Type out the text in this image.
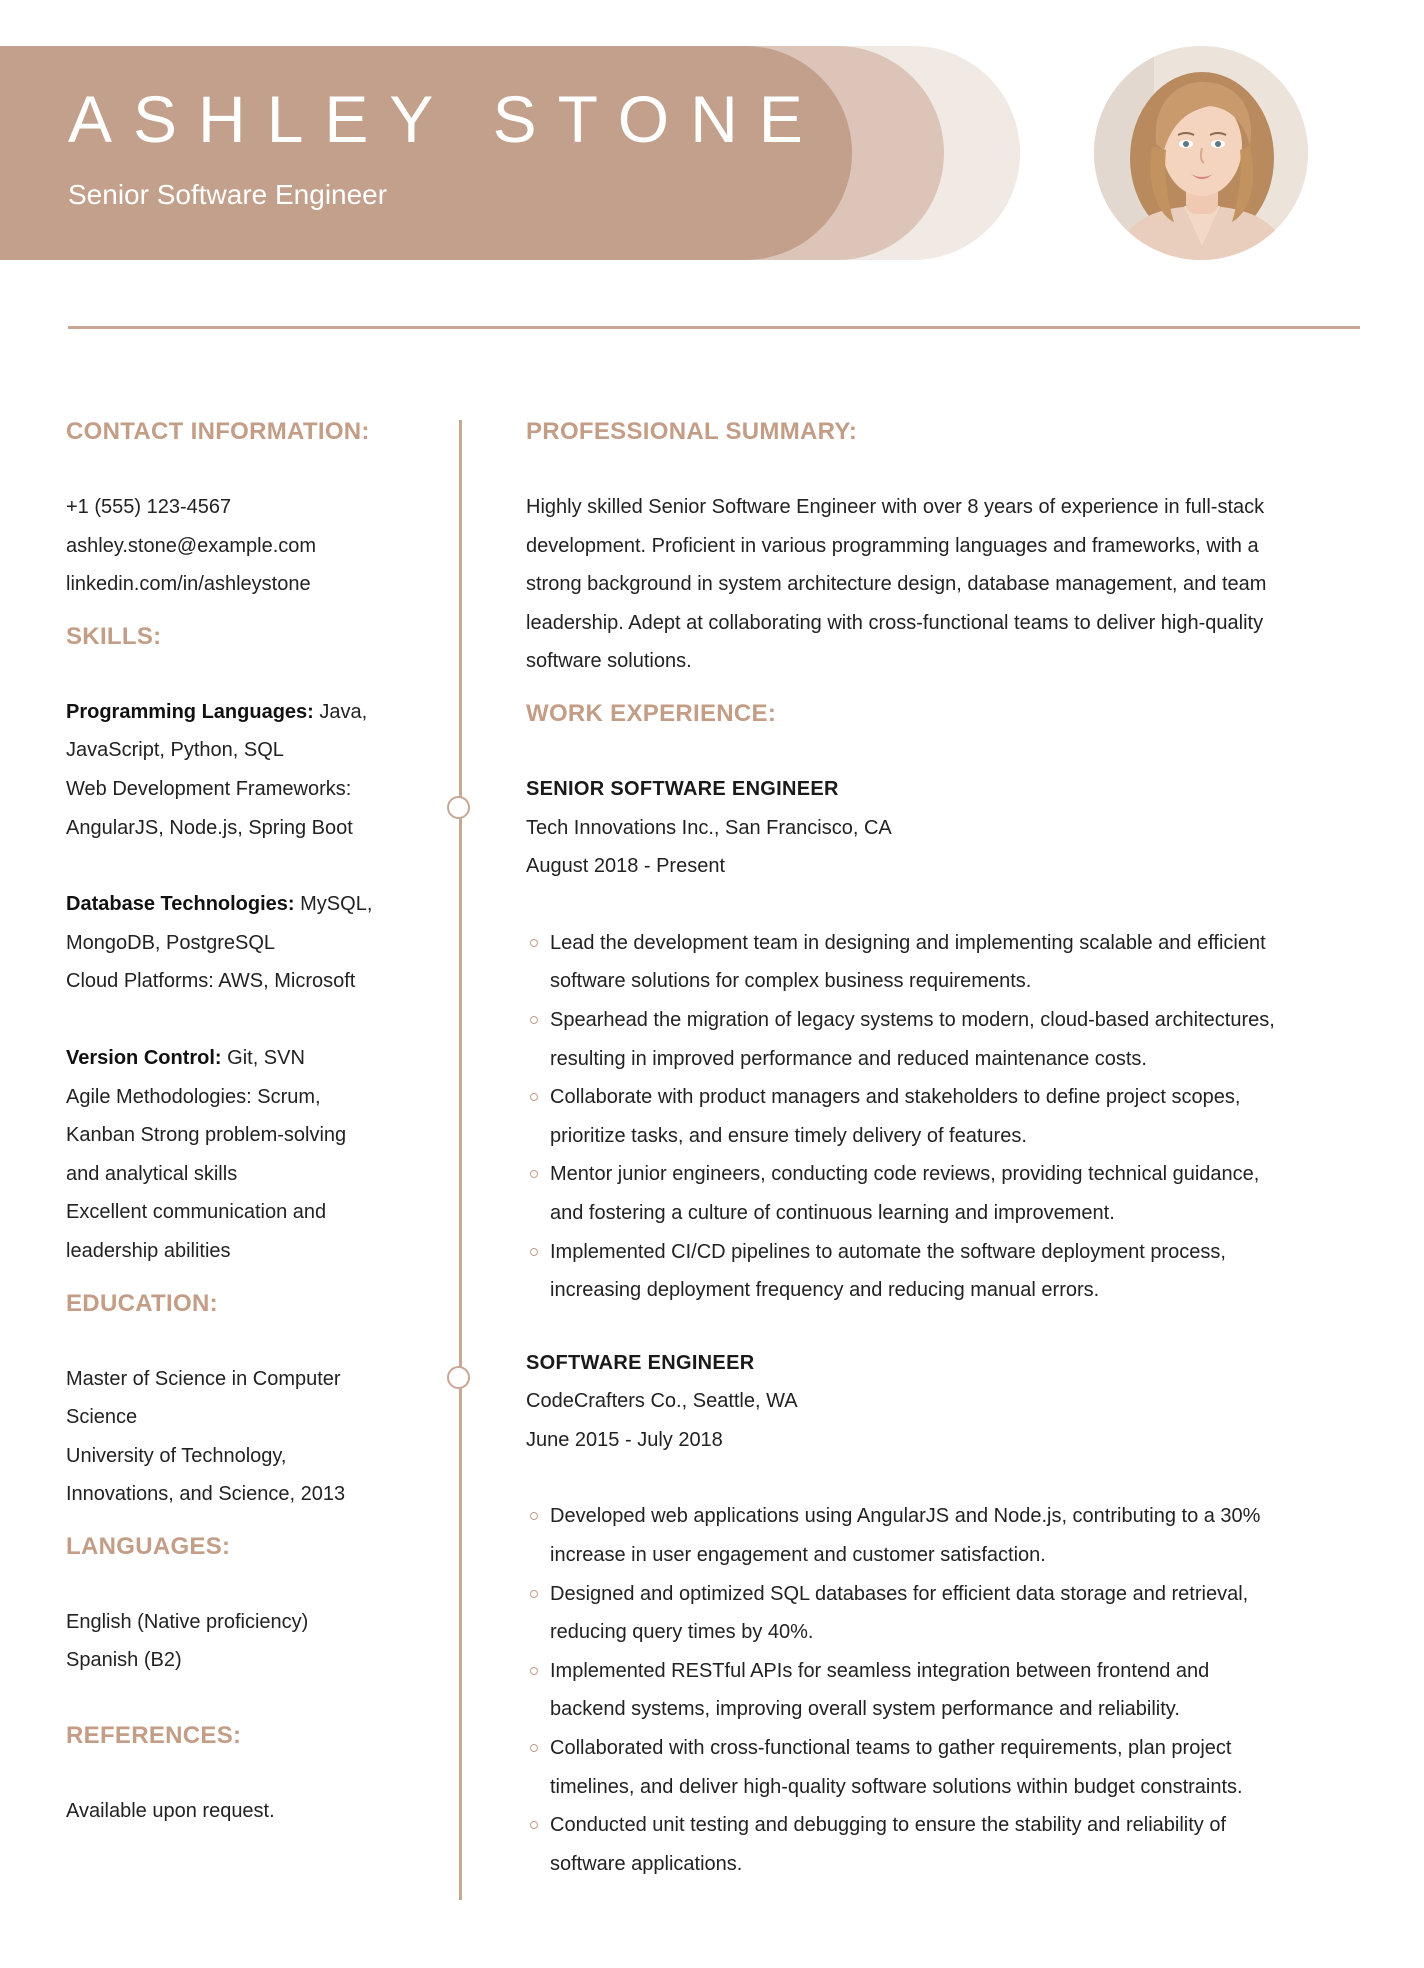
ASHLEY STONE

Senior Software Engineer

CONTACT INFORMATION:

+1 (555) 123-4567

ashley.stone@example.com

linkedin.com/in/ashleystone

SKILLS:

Programming Languages: Java,

JavaScript, Python, SQL

Web Development Frameworks:

AngularJS, Node.js, Spring Boot

Database Technologies: MySQL,

MongoDB, PostgreSQL

Cloud Platforms: AWS, Microsoft

Version Control: Git, SVN

Agile Methodologies: Scrum,

Kanban Strong problem-solving

and analytical skills

Excellent communication and

leadership abilities

EDUCATION:

Master of Science in Computer

Science

University of Technology,

Innovations, and Science, 2013

LANGUAGES:

English (Native proficiency)

Spanish (B2)

REFERENCES:

Available upon request.

PROFESSIONAL SUMMARY:

Highly skilled Senior Software Engineer with over 8 years of experience in full-stack

development. Proficient in various programming languages and frameworks, with a

strong background in system architecture design, database management, and team

leadership. Adept at collaborating with cross-functional teams to deliver high-quality

software solutions.

WORK EXPERIENCE:

SENIOR SOFTWARE ENGINEER

Tech Innovations Inc., San Francisco, CA

August 2018 - Present

Lead the development team in designing and implementing scalable and efficient
software solutions for complex business requirements.
Spearhead the migration of legacy systems to modern, cloud-based architectures,
resulting in improved performance and reduced maintenance costs.
Collaborate with product managers and stakeholders to define project scopes,
prioritize tasks, and ensure timely delivery of features.
Mentor junior engineers, conducting code reviews, providing technical guidance,
and fostering a culture of continuous learning and improvement.
Implemented CI/CD pipelines to automate the software deployment process,
increasing deployment frequency and reducing manual errors.

SOFTWARE ENGINEER

CodeCrafters Co., Seattle, WA

June 2015 - July 2018

Developed web applications using AngularJS and Node.js, contributing to a 30%
increase in user engagement and customer satisfaction.
Designed and optimized SQL databases for efficient data storage and retrieval,
reducing query times by 40%.
Implemented RESTful APIs for seamless integration between frontend and
backend systems, improving overall system performance and reliability.
Collaborated with cross-functional teams to gather requirements, plan project
timelines, and deliver high-quality software solutions within budget constraints.
Conducted unit testing and debugging to ensure the stability and reliability of
software applications.
